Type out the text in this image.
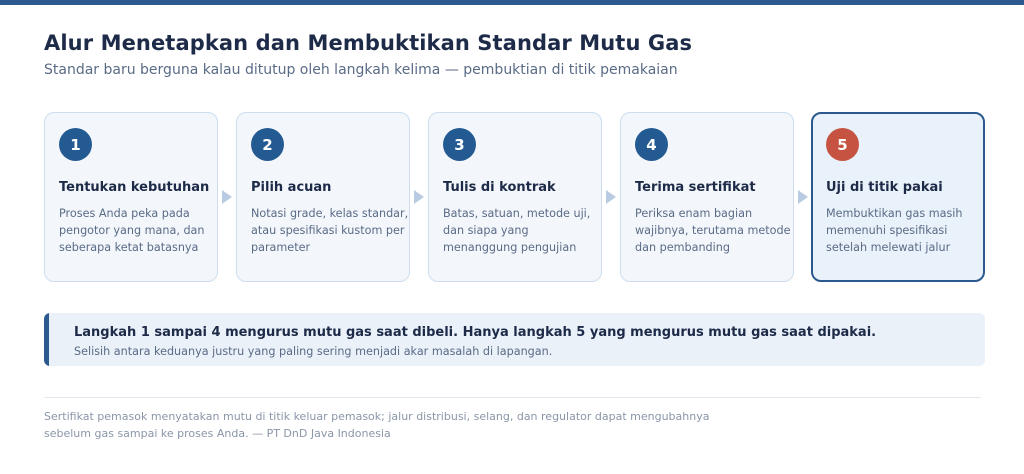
Alur Menetapkan dan Membuktikan Standar Mutu Gas
Standar baru berguna kalau ditutup oleh langkah kelima — pembuktian di titik pemakaian
1
Tentukan kebutuhan
Proses Anda peka pada pengotor yang mana, dan seberapa ketat batasnya
2
Pilih acuan
Notasi grade, kelas standar, atau spesifikasi kustom per parameter
3
Tulis di kontrak
Batas, satuan, metode uji, dan siapa yang menanggung pengujian
4
Terima sertifikat
Periksa enam bagian wajibnya, terutama metode dan pembanding
5
Uji di titik pakai
Membuktikan gas masih memenuhi spesifikasi setelah melewati jalur
Langkah 1 sampai 4 mengurus mutu gas saat dibeli. Hanya langkah 5 yang mengurus mutu gas saat dipakai.
Selisih antara keduanya justru yang paling sering menjadi akar masalah di lapangan.
Sertifikat pemasok menyatakan mutu di titik keluar pemasok; jalur distribusi, selang, dan regulator dapat mengubahnya sebelum gas sampai ke proses Anda. — PT DnD Java Indonesia
